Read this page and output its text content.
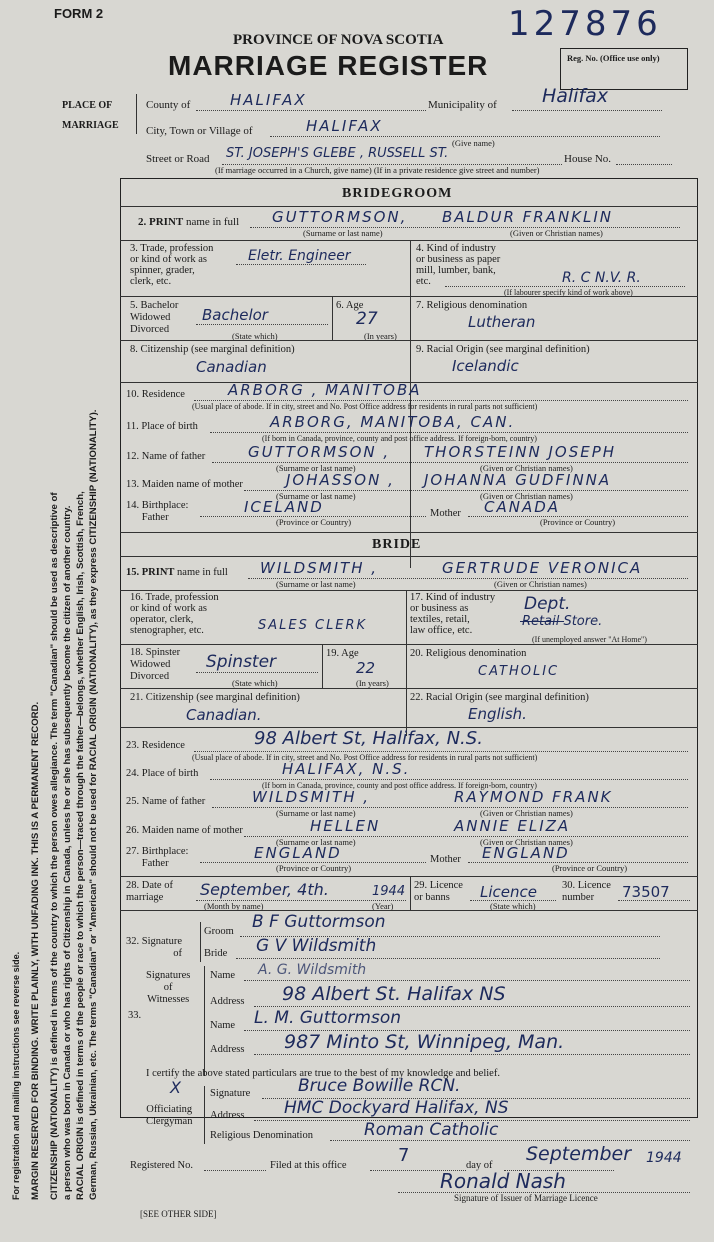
For registration and mailing instructions see reverse side. MARGIN RESERVED FOR BINDING. WRITE PLAINLY, WITH UNFADING INK. THIS IS A PERMANENT RECORD. CITIZENSHIP (NATIONALITY) is defined in terms of the country to which the person owes allegiance. The term "Canadian" should be used as descriptive of a person who was born in Canada or who has rights of Citizenship in Canada, unless he or she has subsequently become the citizen of another country. RACIAL ORIGIN is defined in terms of the people or race to which the person—traced through the father—belongs, whether English, Irish, Scottish, French, German, Russian, Ukrainian, etc. The terms "Canadian" or "American" should not be used for RACIAL ORIGIN (NATIONALITY), as they express CITIZENSHIP (NATIONALITY).
FORM 2	127876
PROVINCE OF NOVA SCOTIA
MARRIAGE REGISTER	Reg. No. (Office use only)
PLACE OF
MARRIAGE
County of	HALIFAX	Municipality of Halifax
City, Town or Village of	HALIFAX
(Give name)
Street or Road ST. JOSEPH'S GLEBE , RUSSELL ST.	House No.
(If marriage occurred in a Church, give name) (If in a private residence give street and number)
BRIDEGROOM
2. PRINT name in full GUTTORMSON, BALDUR FRANKLIN
(Surname or last name)	(Given or Christian names)
3. Trade, profession
or kind of work as
spinner, grader,
clerk, etc.
Eletr. Engineer	4. Kind of industry
or business as paper
mill, lumber, bank,
etc.	R. C N.V. R.
(If labourer specify kind of work above)
5. Bachelor
Widowed
Divorced
Bachelor
(State which)
6. Age
27
(In years)
7. Religious denomination
Lutheran
8. Citizenship (see marginal definition)
Canadian
9. Racial Origin (see marginal definition)
Icelandic
10. Residence	ARBORG , MANITOBA
(Usual place of abode. If in city, street and No. Post Office address for residents in rural parts not sufficient)
11. Place of birth	ARBORG, MANITOBA, CAN.
(If born in Canada, province, county and post office address. If foreign-born, country)
12. Name of father	GUTTORMSON , THORSTEINN JOSEPH
(Surname or last name)	(Given or Christian names)
13. Maiden name of mother	JOHASSON , JOHANNA GUDFINNA
(Surname or last name)	(Given or Christian names)
14. Birthplace:
Father
ICELAND	Mother CANADA
(Province or Country)	(Province or Country)
BRIDE
15. PRINT name in full WILDSMITH ,	GERTRUDE VERONICA
(Surname or last name)	(Given or Christian names)
16. Trade, profession
or kind of work as
operator, clerk,
stenographer, etc.	SALES CLERK
17. Kind of industry
or business as
textiles, retail,
law office, etc.
Dept.
Retail Store.
(If unemployed answer "At Home")
18. Spinster
Widowed
Divorced
Spinster
(State which)
19. Age
22
(In years)
20. Religious denomination
CATHOLIC
21. Citizenship (see marginal definition)
Canadian.
22. Racial Origin (see marginal definition)
English.
23. Residence	98 Albert St, Halifax, N.S.
(Usual place of abode. If in city, street and No. Post Office address for residents in rural parts not sufficient)
24. Place of birth	HALIFAX, N.S.
(If born in Canada, province, county and post office address. If foreign-born, country)
25. Name of father	WILDSMITH ,	RAYMOND FRANK
(Surname or last name)	(Given or Christian names)
26. Maiden name of mother	HELLEN	ANNIE ELIZA
(Surname or last name)	(Given or Christian names)
27. Birthplace:
Father
ENGLAND	Mother ENGLAND
(Province or Country)	(Province or Country)
28. Date of
marriage	September, 4th.	1944
(Month by name)	(Year)
29. Licence
or banns	Licence
(State which)
30. Licence
number	73507
32. Signature
of
Groom B F Guttormson
Bride G V Wildsmith
33.
Signatures
of
Witnesses
Name A. G. Wildsmith
Address 98 Albert St. Halifax NS
Name L. M. Guttormson
Address 987 Minto St, Winnipeg, Man.
I certify the above stated particulars are true to the best of my knowledge and belief.
X
Officiating
Clergyman
Signature	Bruce Bowille RCN.
Address HMC Dockyard Halifax, NS
Religious Denomination	Roman Catholic
Registered No.	Filed at this office	7	day of
September 1944
Ronald Nash
Signature of Issuer of Marriage Licence
[SEE OTHER SIDE]
